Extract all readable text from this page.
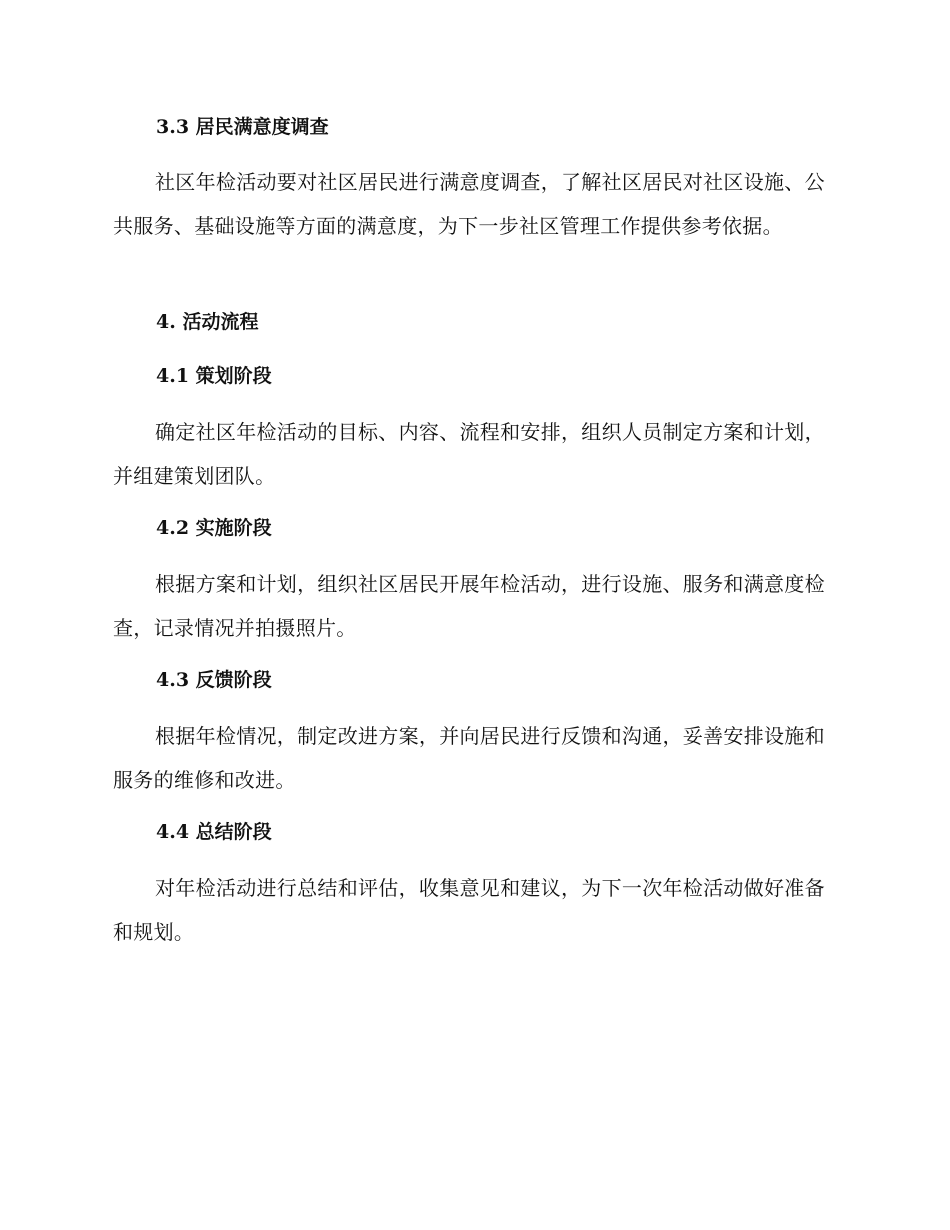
3.3 居民满意度调查

社区年检活动要对社区居民进行满意度调查，了解社区居民对社区设施、公共服务、基础设施等方面的满意度，为下一步社区管理工作提供参考依据。

4. 活动流程
4.1 策划阶段

确定社区年检活动的目标、内容、流程和安排，组织人员制定方案和计划，并组建策划团队。

4.2 实施阶段

根据方案和计划，组织社区居民开展年检活动，进行设施、服务和满意度检查，记录情况并拍摄照片。

4.3 反馈阶段

根据年检情况，制定改进方案，并向居民进行反馈和沟通，妥善安排设施和服务的维修和改进。

4.4 总结阶段

对年检活动进行总结和评估，收集意见和建议，为下一次年检活动做好准备和规划。
